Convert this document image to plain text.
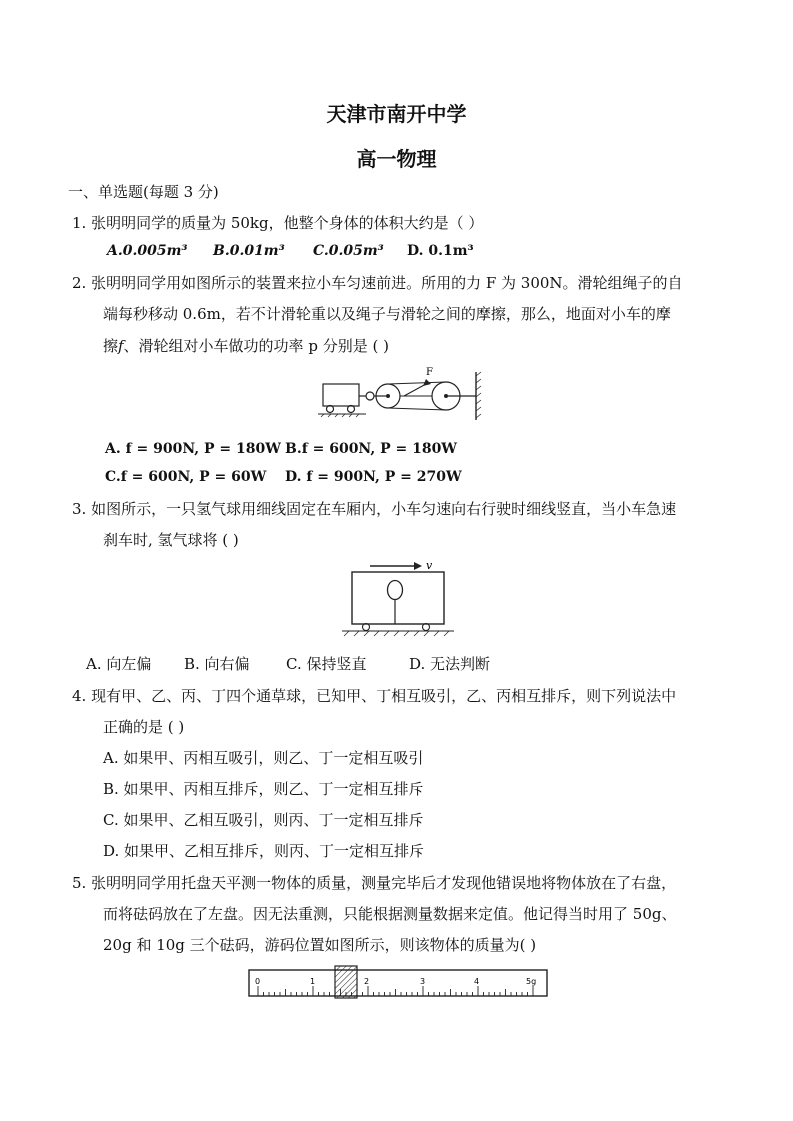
天津市南开中学
高一物理
一、单选题(每题 3 分)
1. 张明明同学的质量为 50kg，他整个身体的体积大约是（ ）
A.0.005m³ B.0.01m³ C.0.05m³ D. 0.1m³
2. 张明明同学用如图所示的装置来拉小车匀速前进。所用的力 F 为 300N。滑轮组绳子的自
端每秒移动 0.6m，若不计滑轮重以及绳子与滑轮之间的摩擦，那么，地面对小车的摩
擦𝑓、滑轮组对小车做功的功率 p 分别是 ( )
F
A. f = 900N, P = 180W B.f = 600N, P = 180W
C.f = 600N, P = 60W D. f = 900N, P = 270W
3. 如图所示，一只氢气球用细线固定在车厢内，小车匀速向右行驶时细线竖直，当小车急速
刹车时, 氢气球将 ( )
v
A. 向左偏 B. 向右偏 C. 保持竖直	D. 无法判断
4. 现有甲、乙、丙、丁四个通草球，已知甲、丁相互吸引，乙、丙相互排斥，则下列说法中
正确的是 ( )
A. 如果甲、丙相互吸引，则乙、丁一定相互吸引
B. 如果甲、丙相互排斥，则乙、丁一定相互排斥
C. 如果甲、乙相互吸引，则丙、丁一定相互排斥
D. 如果甲、乙相互排斥，则丙、丁一定相互排斥
5. 张明明同学用托盘天平测一物体的质量，测量完毕后才发现他错误地将物体放在了右盘，
而将砝码放在了左盘。因无法重测，只能根据测量数据来定值。他记得当时用了 50g、
20g 和 10g 三个砝码，游码位置如图所示，则该物体的质量为( )
0	1	2	3	4	5g
